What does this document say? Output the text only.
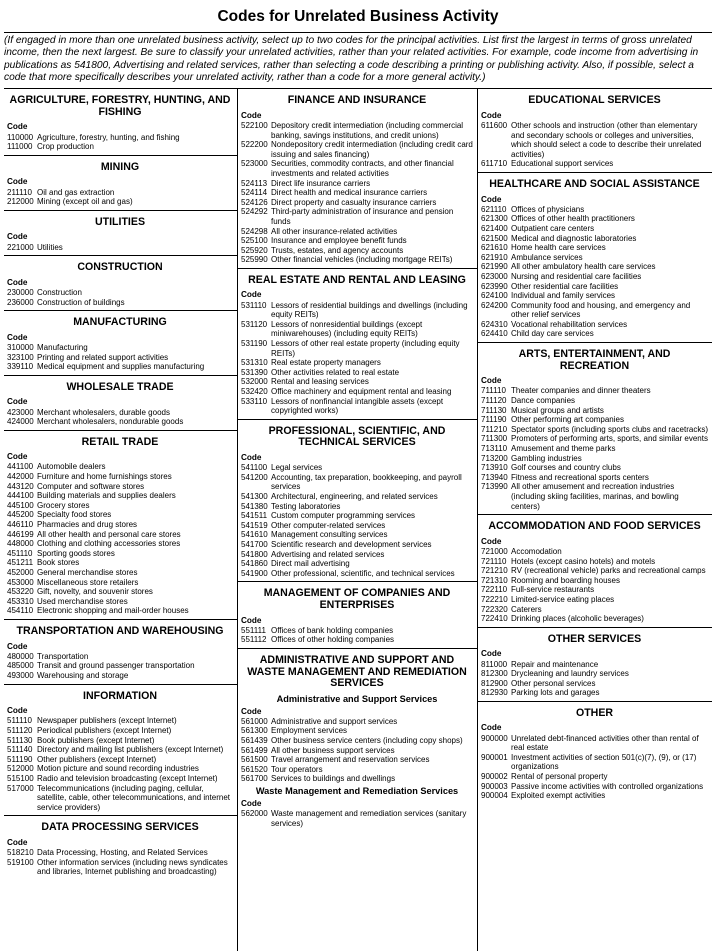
Codes for Unrelated Business Activity
(If engaged in more than one unrelated business activity, select up to two codes for the principal activities. List first the largest in terms of gross unrelated income, then the next largest. Be sure to classify your unrelated activities, rather than your related activities. For example, code income from advertising in publications as 541800, Advertising and related services, rather than selecting a code describing a printing or publishing activity. Also, if possible, select a code that more specifically describes your unrelated activity, rather than a code for a more general activity.)
AGRICULTURE, FORESTRY, HUNTING, AND FISHING
Code
110000 Agriculture, forestry, hunting, and fishing
111000 Crop production
MINING
Code
211110 Oil and gas extraction
212000 Mining (except oil and gas)
UTILITIES
Code
221000 Utilities
CONSTRUCTION
Code
230000 Construction
236000 Construction of buildings
MANUFACTURING
Code
310000 Manufacturing
323100 Printing and related support activities
339110 Medical equipment and supplies manufacturing
WHOLESALE TRADE
Code
423000 Merchant wholesalers, durable goods
424000 Merchant wholesalers, nondurable goods
RETAIL TRADE
Code
441100 Automobile dealers
442000 Furniture and home furnishings stores
443120 Computer and software stores
444100 Building materials and supplies dealers
445100 Grocery stores
445200 Specialty food stores
446110 Pharmacies and drug stores
446199 All other health and personal care stores
448000 Clothing and clothing accessories stores
451110 Sporting goods stores
451211 Book stores
452000 General merchandise stores
453000 Miscellaneous store retailers
453220 Gift, novelty, and souvenir stores
453310 Used merchandise stores
454110 Electronic shopping and mail-order houses
TRANSPORTATION AND WAREHOUSING
Code
480000 Transportation
485000 Transit and ground passenger transportation
493000 Warehousing and storage
INFORMATION
Code
511110 Newspaper publishers (except Internet)
511120 Periodical publishers (except Internet)
511130 Book publishers (except Internet)
511140 Directory and mailing list publishers (except Internet)
511190 Other publishers (except Internet)
512000 Motion picture and sound recording industries
515100 Radio and television broadcasting (except Internet)
517000 Telecommunications (including paging, cellular, satellite, cable, other telecommunications, and internet service providers)
DATA PROCESSING SERVICES
Code
518210 Data Processing, Hosting, and Related Services
519100 Other information services (including news syndicates and libraries, Internet publishing and broadcasting)
FINANCE AND INSURANCE
Code
522100 Depository credit intermediation (including commercial banking, savings institutions, and credit unions)
522200 Nondepository credit intermediation (including credit card issuing and sales financing)
523000 Securities, commodity contracts, and other financial investments and related activities
524113 Direct life insurance carriers
524114 Direct health and medical insurance carriers
524126 Direct property and casualty insurance carriers
524292 Third-party administration of insurance and pension funds
524298 All other insurance-related activities
525100 Insurance and employee benefit funds
525920 Trusts, estates, and agency accounts
525990 Other financial vehicles (including mortgage REITs)
REAL ESTATE AND RENTAL AND LEASING
Code
531110 Lessors of residential buildings and dwellings (including equity REITs)
531120 Lessors of nonresidential buildings (except miniwarehouses) (including equity REITs)
531190 Lessors of other real estate property (including equity REITs)
531310 Real estate property managers
531390 Other activities related to real estate
532000 Rental and leasing services
532420 Office machinery and equipment rental and leasing
533110 Lessors of nonfinancial intangible assets (except copyrighted works)
PROFESSIONAL, SCIENTIFIC, AND TECHNICAL SERVICES
Code
541100 Legal services
541200 Accounting, tax preparation, bookkeeping, and payroll services
541300 Architectural, engineering, and related services
541380 Testing laboratories
541511 Custom computer programming services
541519 Other computer-related services
541610 Management consulting services
541700 Scientific research and development services
541800 Advertising and related services
541860 Direct mail advertising
541900 Other professional, scientific, and technical services
MANAGEMENT OF COMPANIES AND ENTERPRISES
Code
551111 Offices of bank holding companies
551112 Offices of other holding companies
ADMINISTRATIVE AND SUPPORT AND WASTE MANAGEMENT AND REMEDIATION SERVICES
Administrative and Support Services
Code
561000 Administrative and support services
561300 Employment services
561439 Other business service centers (including copy shops)
561499 All other business support services
561500 Travel arrangement and reservation services
561520 Tour operators
561700 Services to buildings and dwellings
Waste Management and Remediation Services
Code
562000 Waste management and remediation services (sanitary services)
EDUCATIONAL SERVICES
Code
611600 Other schools and instruction (other than elementary and secondary schools or colleges and universities, which should select a code to describe their unrelated activities)
611710 Educational support services
HEALTHCARE AND SOCIAL ASSISTANCE
Code
621110 Offices of physicians
621300 Offices of other health practitioners
621400 Outpatient care centers
621500 Medical and diagnostic laboratories
621610 Home health care services
621910 Ambulance services
621990 All other ambulatory health care services
623000 Nursing and residential care facilities
623990 Other residential care facilities
624100 Individual and family services
624200 Community food and housing, and emergency and other relief services
624310 Vocational rehabilitation services
624410 Child day care services
ARTS, ENTERTAINMENT, AND RECREATION
Code
711110 Theater companies and dinner theaters
711120 Dance companies
711130 Musical groups and artists
711190 Other performing art companies
711210 Spectator sports (including sports clubs and racetracks)
711300 Promoters of performing arts, sports, and similar events
713110 Amusement and theme parks
713200 Gambling industries
713910 Golf courses and country clubs
713940 Fitness and recreational sports centers
713990 All other amusement and recreation industries (including skiing facilities, marinas, and bowling centers)
ACCOMMODATION AND FOOD SERVICES
Code
721000 Accomodation
721110 Hotels (except casino hotels) and motels
721210 RV (recreational vehicle) parks and recreational camps
721310 Rooming and boarding houses
722110 Full-service restaurants
722210 Limited-service eating places
722320 Caterers
722410 Drinking places (alcoholic beverages)
OTHER SERVICES
Code
811000 Repair and maintenance
812300 Drycleaning and laundry services
812900 Other personal services
812930 Parking lots and garages
OTHER
Code
900000 Unrelated debt-financed activities other than rental of real estate
900001 Investment activities of section 501(c)(7), (9), or (17) organizations
900002 Rental of personal property
900003 Passive income activities with controlled organizations
900004 Exploited exempt activities
